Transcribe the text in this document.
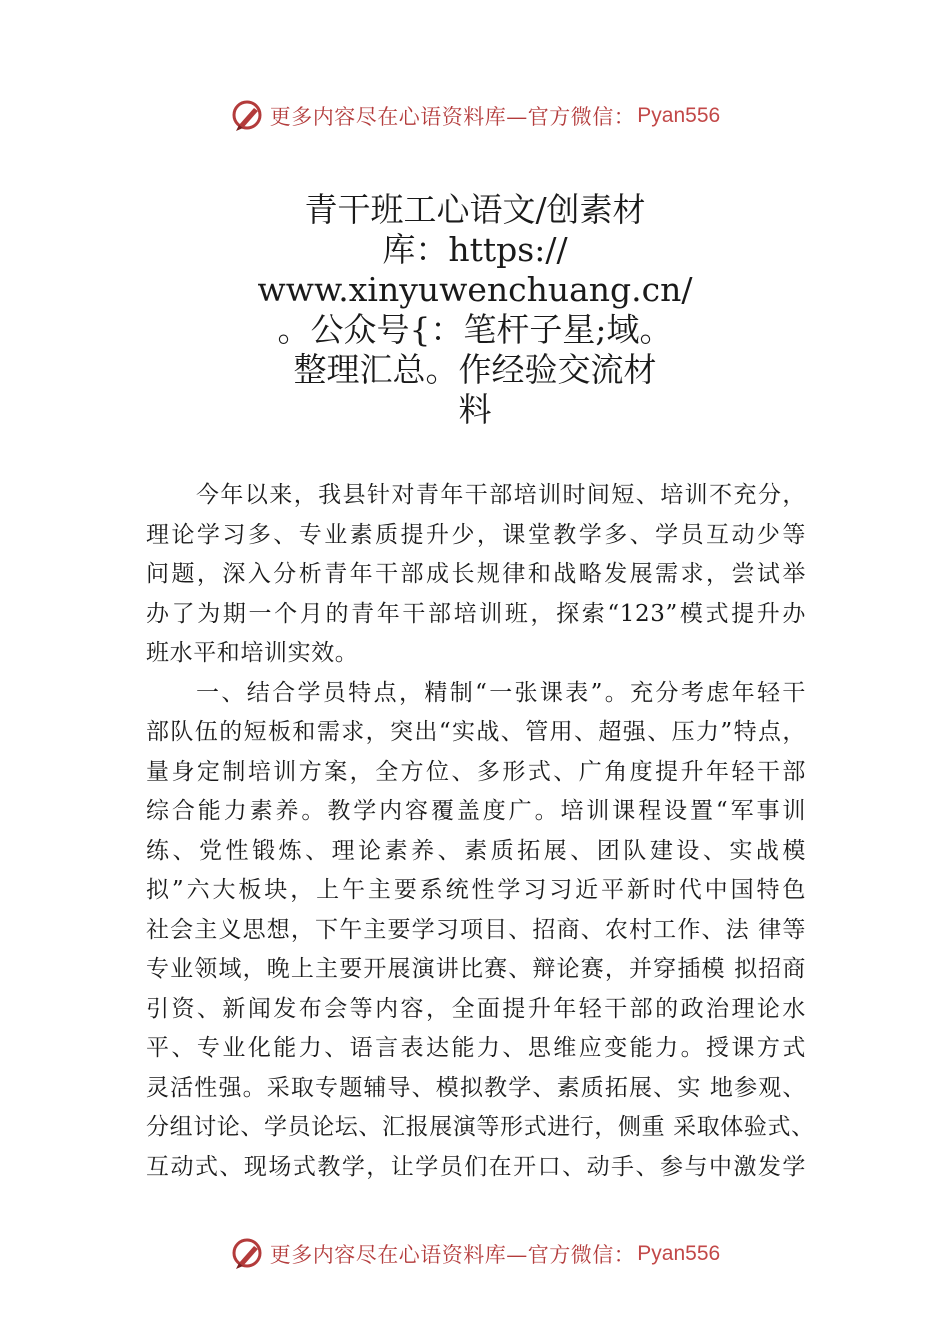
更多内容尽在心语资料库—官方微信： Pyan556
青干班工心语文/创素材
库：https://
www.xinyuwenchuang.cn/
。公众号{：笔杆子星;域。
整理汇总。作经验交流材
料
今年以来，我县针对青年干部培训时间短、培训不充分，
理论学习多、专业素质提升少，课堂教学多、学员互动少等
问题，深入分析青年干部成长规律和战略发展需求，尝试举
办了为期一个月的青年干部培训班，探索“123”模式提升办
班水平和培训实效。
一、结合学员特点，精制“一张课表”。充分考虑年轻干
部队伍的短板和需求，突出“实战、管用、超强、压力”特点，
量身定制培训方案，全方位、多形式、广角度提升年轻干部
综合能力素养。教学内容覆盖度广。培训课程设置“军事训
练、党性锻炼、理论素养、素质拓展、团队建设、实战模
拟”六大板块，上午主要系统性学习习近平新时代中国特色
社会主义思想，下午主要学习项目、招商、农村工作、法 律等
专业领域，晚上主要开展演讲比赛、辩论赛，并穿插模 拟招商
引资、新闻发布会等内容，全面提升年轻干部的政治理论水
平、专业化能力、语言表达能力、思维应变能力。授课方式
灵活性强。采取专题辅导、模拟教学、素质拓展、实 地参观、
分组讨论、学员论坛、汇报展演等形式进行，侧重 采取体验式、
互动式、现场式教学，让学员们在开口、动手、参与中激发学
更多内容尽在心语资料库—官方微信： Pyan556
